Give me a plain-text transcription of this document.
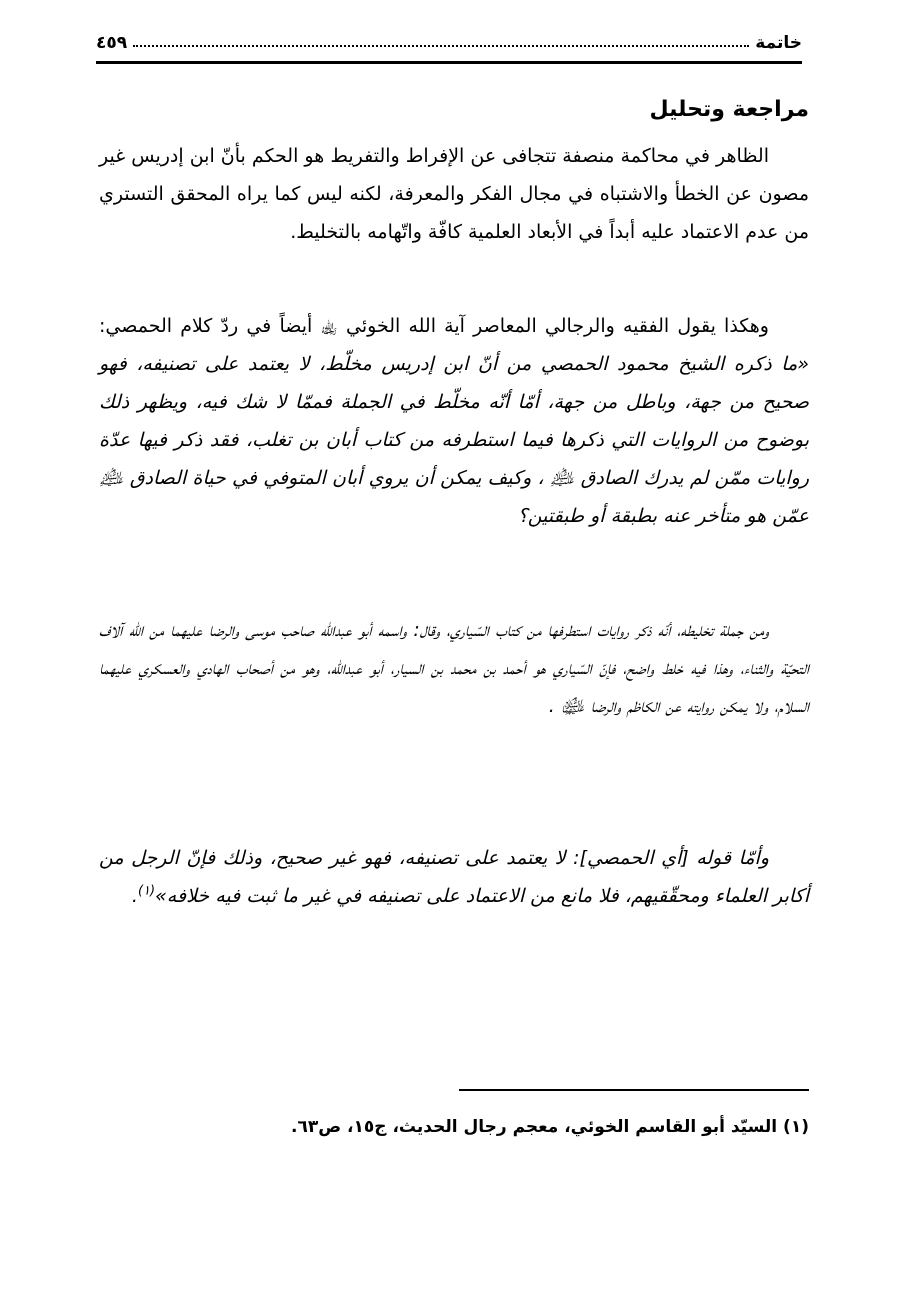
خاتمة
٤٥٩
مراجعة وتحليل

الظاهر في محاكمة منصفة تتجافى عن الإفراط والتفريط هو الحكم بأنّ ابن إدريس غير مصون عن الخطأ والاشتباه في مجال الفكر والمعرفة، لكنه ليس كما يراه المحقق التستري من عدم الاعتماد عليه أبداً في الأبعاد العلمية كافّة واتّهامه بالتخليط.

وهكذا يقول الفقيه والرجالي المعاصر آية الله الخوئي ﵀ أيضاً في ردّ كلام الحمصي: «ما ذكره الشيخ محمود الحمصي من أنّ ابن إدريس مخلّط، لا يعتمد على تصنيفه، فهو صحيح من جهة، وباطل من جهة، أمّا أنّه مخلّط في الجملة فممّا لا شك فيه، ويظهر ذلك بوضوح من الروايات التي ذكرها فيما استطرفه من كتاب أبان بن تغلب، فقد ذكر فيها عدّة روايات ممّن لم يدرك الصادق ﵇ ، وكيف يمكن أن يروي أبان المتوفي في حياة الصادق ﵇ عمّن هو متأخر عنه بطبقة أو طبقتين؟

ومن جملة تخليطه، أنّه ذكر روايات استطرفها من كتاب السّياري، وقال: واسمه أبو عبدالله صاحب موسى والرضا عليهما من الله آلاف التحيّة والثناء، وهذا فيه خلط واضح، فإنّ السّياري هو أحمد بن محمد بن السيار، أبو عبدالله، وهو من أصحاب الهادي والعسكري عليهما السلام، ولا يمكن روايته عن الكاظم والرضا ﵉ .

وأمّا قوله [أي الحمصي]: لا يعتمد على تصنيفه، فهو غير صحيح، وذلك فإنّ الرجل من أكابر العلماء ومحقّقيهم، فلا مانع من الاعتماد على تصنيفه في غير ما ثبت فيه خلافه»$^{(١)}$.

(١) السيّد أبو القاسم الخوئي، معجم رجال الحديث، ج١٥، ص٦٣.
